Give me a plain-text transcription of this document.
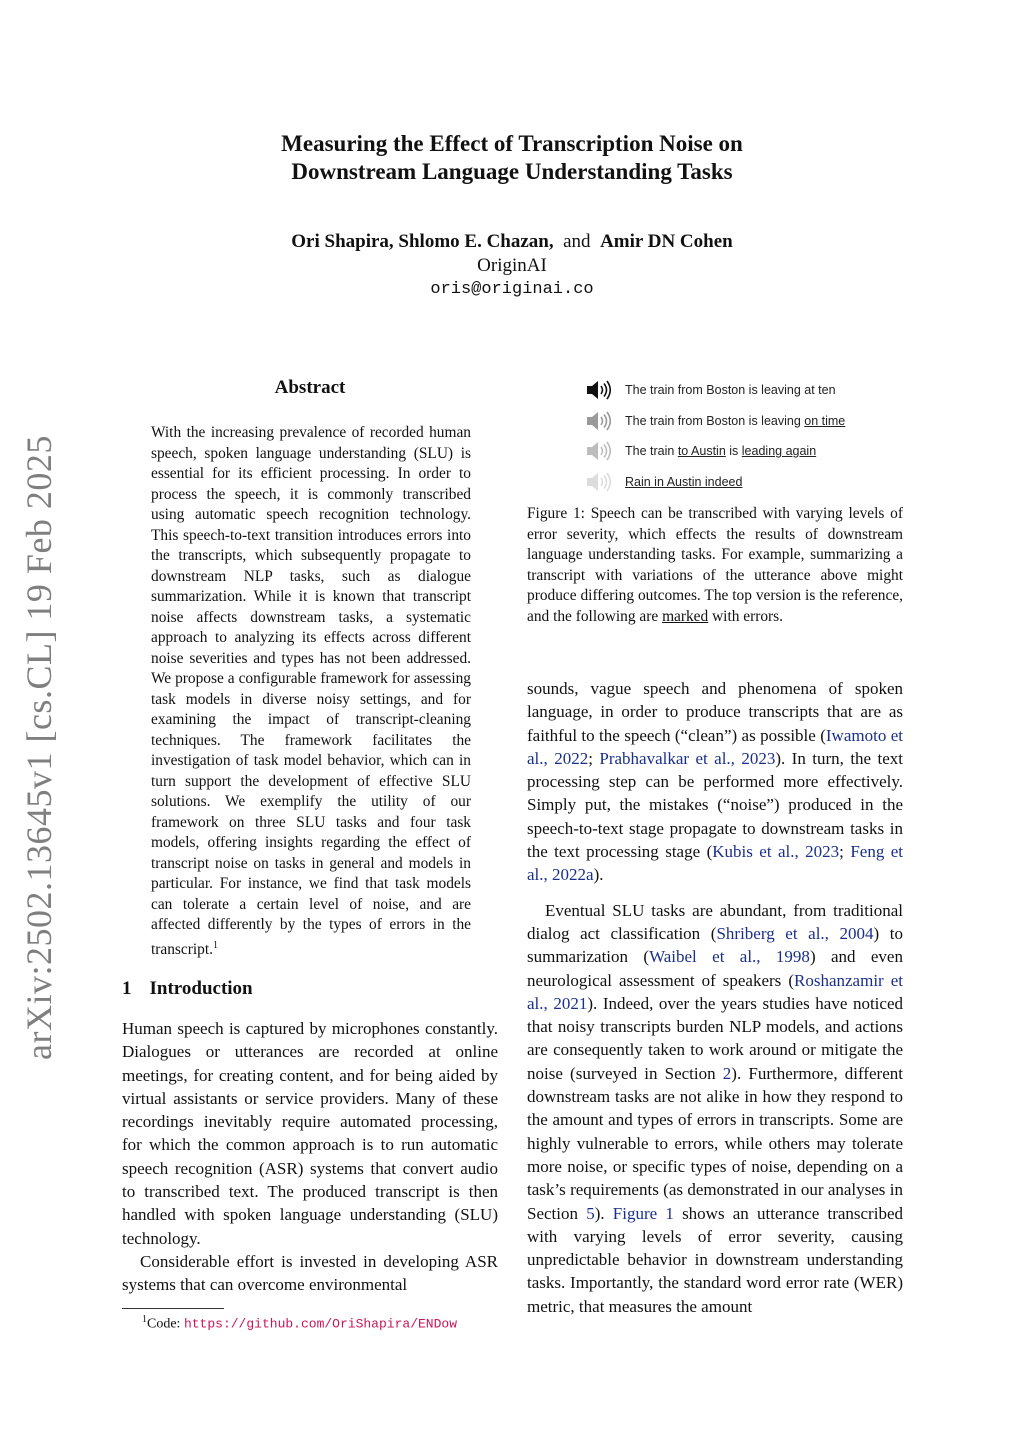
Measuring the Effect of Transcription Noise on
Downstream Language Understanding Tasks
Ori Shapira, Shlomo E. Chazan, and Amir DN Cohen
OriginAI
oris@originai.co
arXiv:2502.13645v1 [cs.CL] 19 Feb 2025
Abstract
With the increasing prevalence of recorded human speech, spoken language understanding (SLU) is essential for its efficient processing. In order to process the speech, it is commonly transcribed using automatic speech recognition technology. This speech-to-text transition introduces errors into the transcripts, which subsequently propagate to downstream NLP tasks, such as dialogue summarization. While it is known that transcript noise affects downstream tasks, a systematic approach to analyzing its effects across different noise severities and types has not been addressed. We propose a configurable framework for assessing task models in diverse noisy settings, and for examining the impact of transcript-cleaning techniques. The framework facilitates the investigation of task model behavior, which can in turn support the development of effective SLU solutions. We exemplify the utility of our framework on three SLU tasks and four task models, offering insights regarding the effect of transcript noise on tasks in general and models in particular. For instance, we find that task models can tolerate a certain level of noise, and are affected differently by the types of errors in the transcript.$^1$
1 Introduction

Human speech is captured by microphones constantly. Dialogues or utterances are recorded at online meetings, for creating content, and for being aided by virtual assistants or service providers. Many of these recordings inevitably require automated processing, for which the common approach is to run automatic speech recognition (ASR) systems that convert audio to transcribed text. The produced transcript is then handled with spoken language understanding (SLU) technology.

Considerable effort is invested in developing ASR systems that can overcome environmental

$^1$Code: https://github.com/OriShapira/ENDow
The train from Boston is leaving at ten
The train from Boston is leaving
on time
The train
to Austin
is
leading again
Rain in Austin indeed
Figure 1: Speech can be transcribed with varying levels of error severity, which effects the results of downstream language understanding tasks. For example, summarizing a transcript with variations of the utterance above might produce differing outcomes. The top version is the reference, and the following are marked with errors.

sounds, vague speech and phenomena of spoken language, in order to produce transcripts that are as faithful to the speech (“clean”) as possible (Iwamoto et al., 2022; Prabhavalkar et al., 2023). In turn, the text processing step can be performed more effectively. Simply put, the mistakes (“noise”) produced in the speech-to-text stage propagate to downstream tasks in the text processing stage (Kubis et al., 2023; Feng et al., 2022a).

Eventual SLU tasks are abundant, from traditional dialog act classification (Shriberg et al., 2004) to summarization (Waibel et al., 1998) and even neurological assessment of speakers (Roshanzamir et al., 2021). Indeed, over the years studies have noticed that noisy transcripts burden NLP models, and actions are consequently taken to work around or mitigate the noise (surveyed in Section 2). Furthermore, different downstream tasks are not alike in how they respond to the amount and types of errors in transcripts. Some are highly vulnerable to errors, while others may tolerate more noise, or specific types of noise, depending on a task’s requirements (as demonstrated in our analyses in Section 5). Figure 1 shows an utterance transcribed with varying levels of error severity, causing unpredictable behavior in downstream understanding tasks. Importantly, the standard word error rate (WER) metric, that measures the amount
